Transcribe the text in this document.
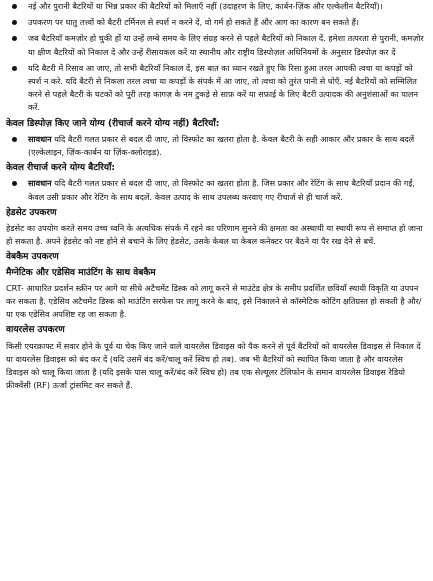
नई और पुरानी बैटरियों या भिन्न प्रकार की बैटरियों को मिलाएँ नहीं (उदाहरण के लिए, कार्बन-ज़िंक और एल्केलीन बैटरियाँ)।
उपकरण पर धातु तत्त्वों को बैटरी टर्मिनल से स्पर्श न करने दें, वो गर्म हो सकते हैं और आग का कारण बन सकते हैं।
जब बैटरियाँ कमज़ोर हो चुकी हों या उन्हें लम्बे समय के लिए संग्रह करने से पहले बैटरियों को निकाल दें. हमेशा तत्परता से पुरानी, कमज़ोर या क्षीण बैटरियों को निकाल दें और उन्हें रीसायकल करें या स्थानीय और राष्ट्रीय डिस्पोज़ल अधिनियमों के अनुसार डिस्पोज़ कर दें
यदि बैटरी में रिसाव आ जाए, तो सभी बैटरियाँ निकाल दें, इस बात का ध्यान रखते हुए कि रिसा हुआ तरल आपकी त्वचा या कपड़ों को स्पर्श न करे. यदि बैटरी से निकला तरल त्वचा या कपड़ों के संपर्क में आ जाए, तो त्वचा को तुरंत पानी से धोएँ. नई बैटरियों को सम्मिलित करने से पहले बैटरी के घटकों को पूरी तरह कागज़ के नम टुकड़े से साफ़ करें या सफ़ाई के लिए बैटरी उत्पादक की अनुशंसाओं का पालन करें.
केवल डिस्पोज़ किए जाने योग्य (रीचार्ज करने योग्य नहीं) बैटरियाँ:
सावधान यदि बैटरी गलत प्रकार से बदल दी जाए, तो विस्फोट का खतरा होता है. केवल बैटरी के सही आकार और प्रकार के साथ बदलें (एल्केलाइन, ज़िंक-कार्बन या ज़िंक-क्लोराइड).
केवल रीचार्ज करने योग्य बैटरियाँ:
सावधान यदि बैटरी गलत प्रकार से बदल दी जाए, तो विस्फोट का खतरा होता है. जिस प्रकार और रेटिंग के साथ बैटरियाँ प्रदान की गईं, केवल उसी प्रकार और रेटिंग के साथ बदलें. केवल उत्पाद के साथ उपलब्ध करवाए गए रीचार्ज से ही चार्ज करें.
हेडसेट उपकरण

हेडसेट का उपयोग करते समय उच्च ध्वनि के अत्यधिक संपर्क में रहने का परिणाम सुनने की क्षमता का अस्थायी या स्थायी रूप से समाप्त हो जाना हो सकता है. अपने हेडसेट को नष्ट होने से बचाने के लिए हेडसेट, उसके केबल या केबल कनेक्टर पर बैठने या पैर रख देने से बचें.

वेबकैम उपकरण
मैग्नेटिक और एडेसिव माउंटिंग के साथ वेबकैम

CRT- आधारित प्रदर्शन स्क्रीन पर आगे या सीधे अटैचमेंट डिस्क को लागू करने से माउंटेड क्षेत्र के समीप प्रदर्शित छवियाँ स्थायी विकृति या उपपन कर सकता है. एडेसिव अटैचमेंट डिस्क को माउंटिंग सरफेस पर लागू करने के बाद, इसे निकालने से कॉस्मेटिक कोटिंग क्षतिग्रस्त हो सकती है और/या एक एडेसिव अपशिष्ट रह जा सकता है.

वायरलेस उपकरण

किसी एयरक्राफ्ट में सवार होने के पूर्व या चेक किए जाने वाले वायरलेस डिवाइस को पैक करने से पूर्व बैटरियों को वायरलेस डिवाइस से निकाल दें या वायरलेस डिवाइस को बंद कर दें (यदि उसमें बंद करें/चालू करें स्विच हो तब). जब भी बैटरियों को स्थापित किया जाता है और वायरलेस डिवाइस को चालू किया जाता है (यदि इसके पास चालू करें/बंद करें स्विच हो) तब एक सेल्यूलर टेलिफोन के समान वायरलेस डिवाइस रेडियो फ्रीक्वेंसी (RF) ऊर्जा ट्रांसमिट कर सकते हैं.
